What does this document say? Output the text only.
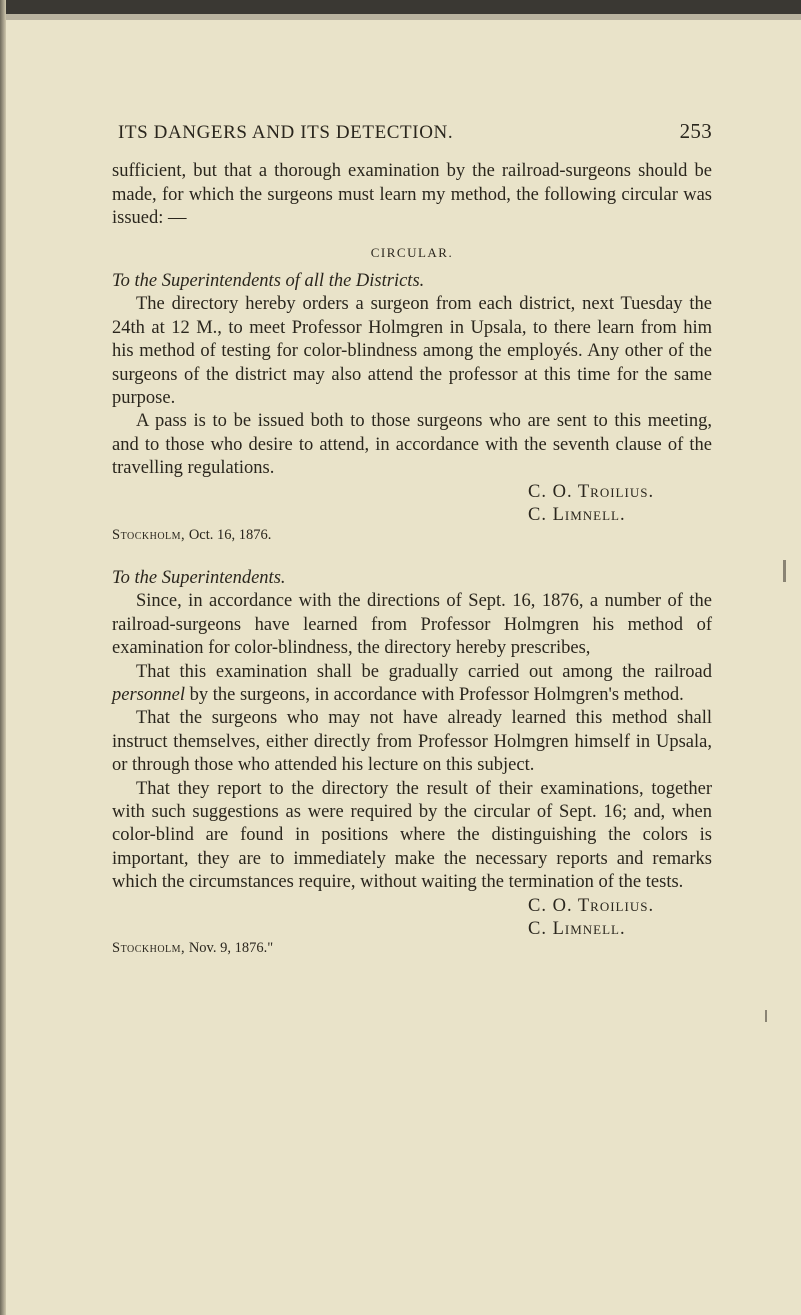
ITS DANGERS AND ITS DETECTION.	253

sufficient, but that a thorough examination by the railroad-surgeons should be made, for which the surgeons must learn my method, the following circular was issued: —

CIRCULAR.

To the Superintendents of all the Districts.

The directory hereby orders a surgeon from each district, next Tuesday the 24th at 12 M., to meet Professor Holmgren in Upsala, to there learn from him his method of testing for color-blindness among the employés. Any other of the surgeons of the district may also attend the professor at this time for the same purpose.

A pass is to be issued both to those surgeons who are sent to this meeting, and to those who desire to attend, in accordance with the seventh clause of the travelling regulations.

C. O. Troilius.
C. Limnell.
Stockholm, Oct. 16, 1876.

To the Superintendents.

Since, in accordance with the directions of Sept. 16, 1876, a number of the railroad-surgeons have learned from Professor Holmgren his method of examination for color-blindness, the directory hereby prescribes,

That this examination shall be gradually carried out among the railroad personnel by the surgeons, in accordance with Professor Holmgren's method.

That the surgeons who may not have already learned this method shall instruct themselves, either directly from Professor Holmgren himself in Upsala, or through those who attended his lecture on this subject.

That they report to the directory the result of their examinations, together with such suggestions as were required by the circular of Sept. 16; and, when color-blind are found in positions where the distinguishing the colors is important, they are to immediately make the necessary reports and remarks which the circumstances require, without waiting the termination of the tests.

C. O. Troilius.
C. Limnell.
Stockholm, Nov. 9, 1876."
